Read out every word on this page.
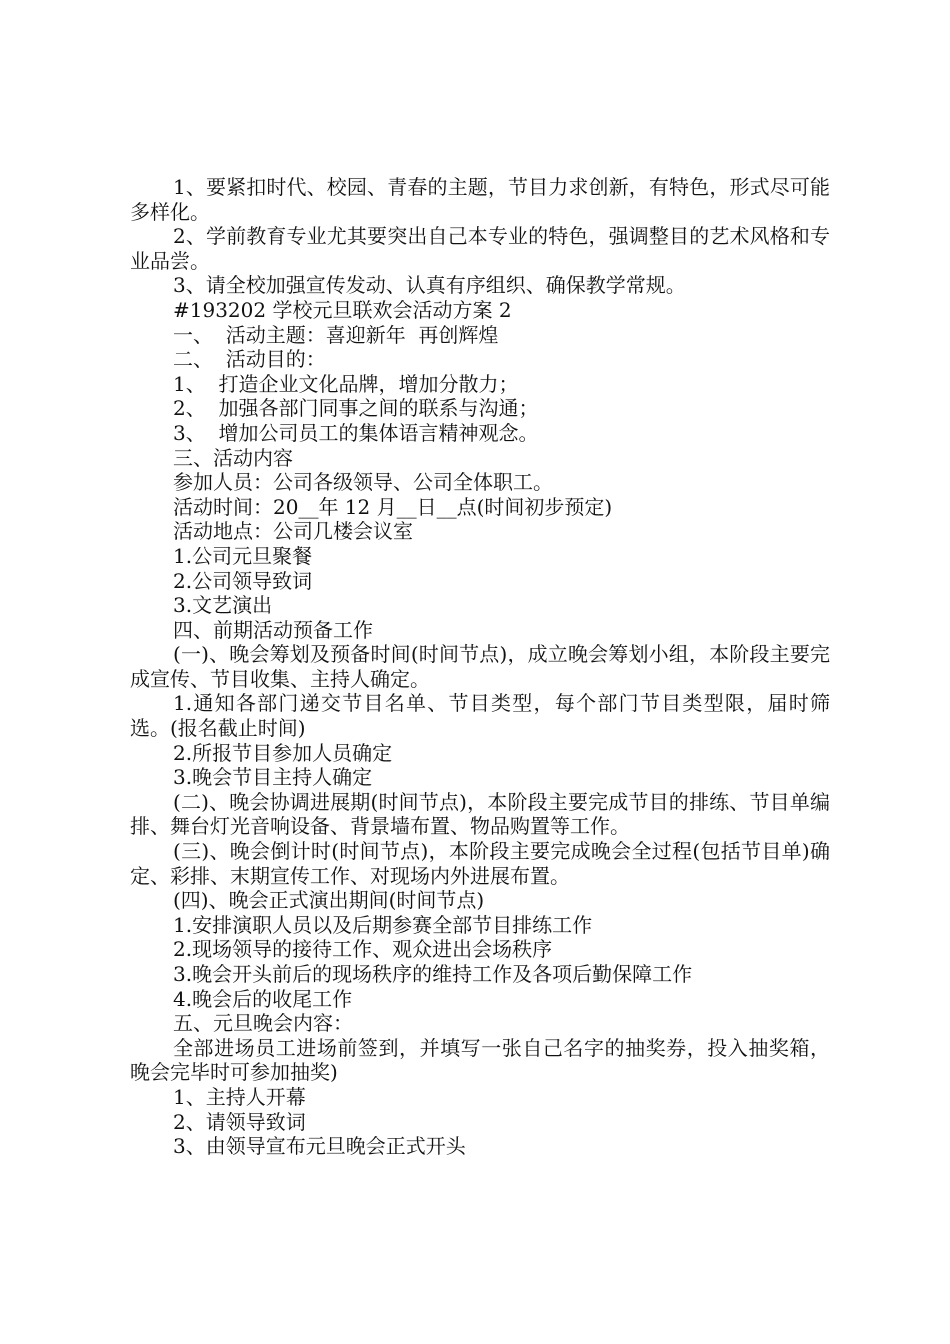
1、要紧扣时代、校园、青春的主题，节目力求创新，有特色，形式尽可能多样化。

2、学前教育专业尤其要突出自己本专业的特色，强调整目的艺术风格和专业品尝。

3、请全校加强宣传发动、认真有序组织、确保教学常规。

#193202 学校元旦联欢会活动方案 2

一、  活动主题：喜迎新年  再创辉煌

二、  活动目的：

1、  打造企业文化品牌，增加分散力；

2、  加强各部门同事之间的联系与沟通；

3、  增加公司员工的集体语言精神观念。

三、活动内容

参加人员：公司各级领导、公司全体职工。

活动时间：20__年 12 月__日__点(时间初步预定)

活动地点：公司几楼会议室

1.公司元旦聚餐

2.公司领导致词

3.文艺演出

四、前期活动预备工作

(一)、晚会筹划及预备时间(时间节点)，成立晚会筹划小组，本阶段主要完成宣传、节目收集、主持人确定。

1.通知各部门递交节目名单、节目类型，每个部门节目类型限，届时筛选。(报名截止时间)

2.所报节目参加人员确定

3.晚会节目主持人确定

(二)、晚会协调进展期(时间节点)，本阶段主要完成节目的排练、节目单编排、舞台灯光音响设备、背景墙布置、物品购置等工作。

(三)、晚会倒计时(时间节点)，本阶段主要完成晚会全过程(包括节目单)确定、彩排、末期宣传工作、对现场内外进展布置。

(四)、晚会正式演出期间(时间节点)

1.安排演职人员以及后期参赛全部节目排练工作

2.现场领导的接待工作、观众进出会场秩序

3.晚会开头前后的现场秩序的维持工作及各项后勤保障工作

4.晚会后的收尾工作

五、元旦晚会内容：

全部进场员工进场前签到，并填写一张自己名字的抽奖券，投入抽奖箱，晚会完毕时可参加抽奖)

1、主持人开幕

2、请领导致词

3、由领导宣布元旦晚会正式开头
